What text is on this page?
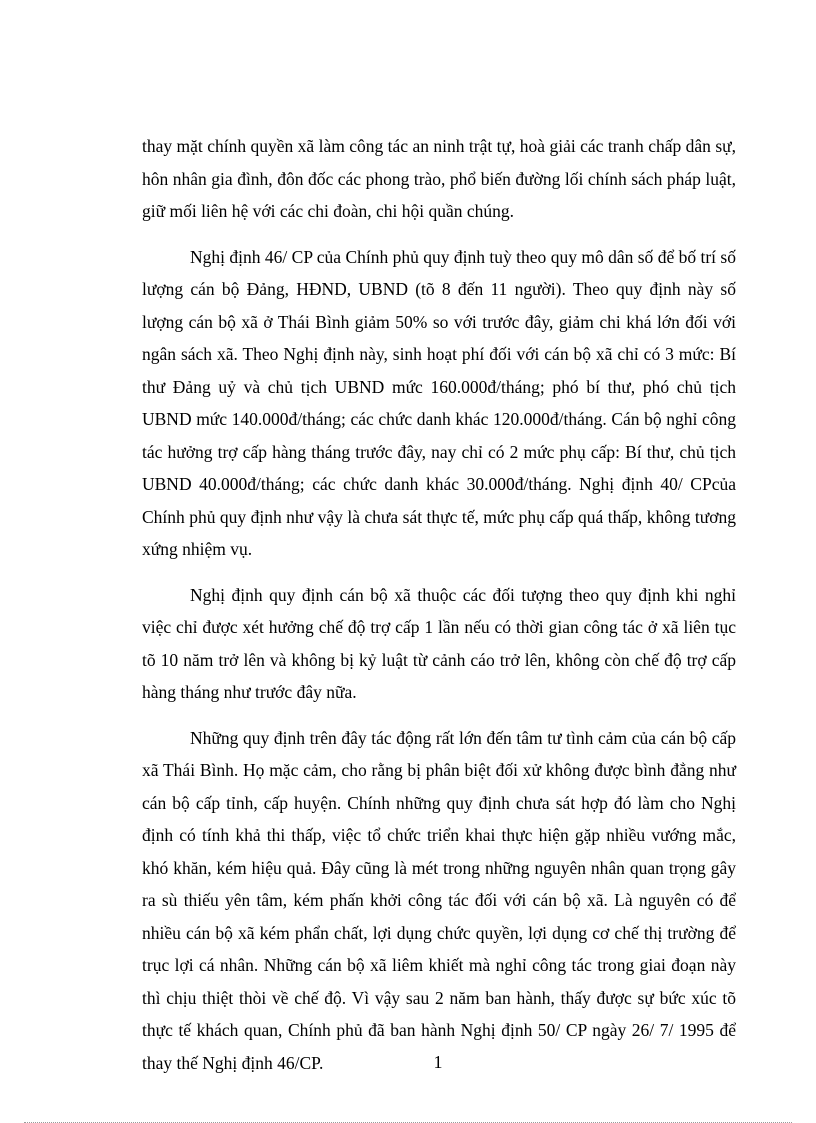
thay mặt chính quyền xã làm công tác an ninh trật tự, hoà giải các tranh chấp dân sự, hôn nhân gia đình, đôn đốc các phong trào, phổ biến đường lối chính sách pháp luật, giữ mối liên hệ với các chi đoàn, chi hội quần chúng.

Nghị định 46/ CP của Chính phủ quy định tuỳ theo quy mô dân số để bố trí số lượng cán bộ Đảng, HĐND, UBND (tõ 8 đến 11 người). Theo quy định này số lượng cán bộ xã ở Thái Bình giảm 50% so với trước đây, giảm chi khá lớn đối với ngân sách xã. Theo Nghị định này, sinh hoạt phí đối với cán bộ xã chỉ có 3 mức: Bí thư Đảng uỷ và chủ tịch UBND mức 160.000đ/tháng; phó bí thư, phó chủ tịch UBND mức 140.000đ/tháng; các chức danh khác 120.000đ/tháng. Cán bộ nghỉ công tác hưởng trợ cấp hàng tháng trước đây, nay chỉ có 2 mức phụ cấp: Bí thư, chủ tịch UBND 40.000đ/tháng; các chức danh khác 30.000đ/tháng. Nghị định 40/ CPcủa Chính phủ quy định như vậy là chưa sát thực tế, mức phụ cấp quá thấp, không tương xứng nhiệm vụ.

Nghị định quy định cán bộ xã thuộc các đối tượng theo quy định khi nghỉ việc chỉ được xét hưởng chế độ trợ cấp 1 lần nếu có thời gian công tác ở xã liên tục tõ 10 năm trở lên và không bị kỷ luật từ cảnh cáo trở lên, không còn chế độ trợ cấp hàng tháng như trước đây nữa.

Những quy định trên đây tác động rất lớn đến tâm tư tình cảm của cán bộ cấp xã Thái Bình. Họ mặc cảm, cho rằng bị phân biệt đối xử không được bình đẳng như cán bộ cấp tỉnh, cấp huyện. Chính những quy định chưa sát hợp đó làm cho Nghị định có tính khả thi thấp, việc tổ chức triển khai thực hiện gặp nhiều vướng mắc, khó khăn, kém hiệu quả. Đây cũng là mét trong những nguyên nhân quan trọng gây ra sù thiếu yên tâm, kém phấn khởi công tác đối với cán bộ xã. Là nguyên có để nhiều cán bộ xã kém phẩn chất, lợi dụng chức quyền, lợi dụng cơ chế thị trường để trục lợi cá nhân. Những cán bộ xã liêm khiết mà nghỉ công tác trong giai đoạn này thì chịu thiệt thòi về chế độ. Vì vậy sau 2 năm ban hành, thấy được sự bức xúc tõ thực tế khách quan, Chính phủ đã ban hành Nghị định 50/ CP ngày 26/ 7/ 1995 để thay thế Nghị định 46/CP.	1
